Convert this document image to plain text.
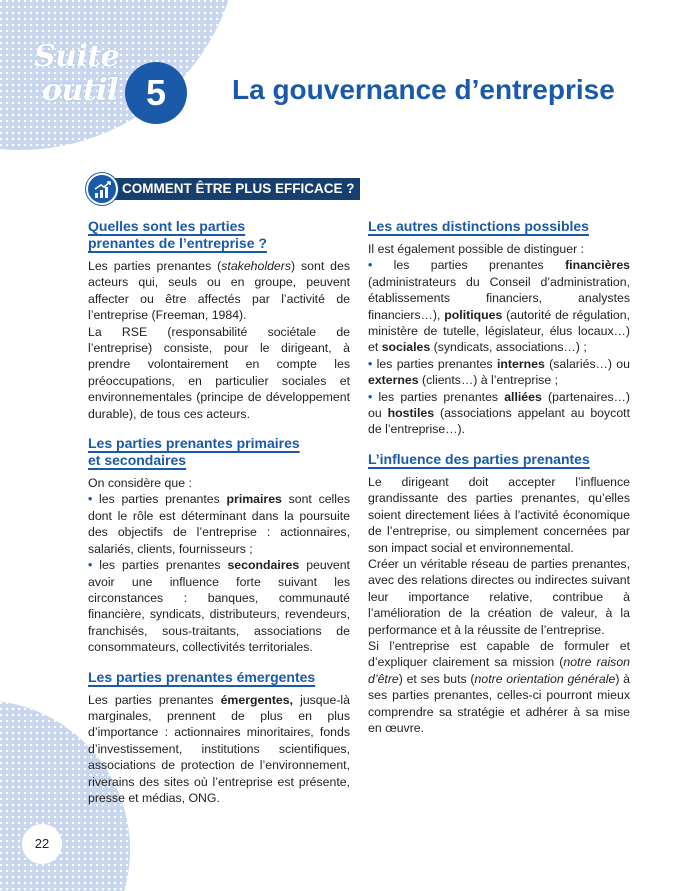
Suite
outil 5	La gouvernance d’entreprise
COMMENT ÊTRE PLUS EFFICACE ?
Quelles sont les parties
prenantes de l’entreprise ?

Les parties prenantes (stakeholders) sont des acteurs qui, seuls ou en groupe, peuvent affecter ou être affectés par l’activité de l’entreprise (Freeman, 1984).

La RSE (responsabilité sociétale de l’entreprise) consiste, pour le dirigeant, à prendre volontairement en compte les préoccupations, en particulier sociales et environnementales (principe de développement durable), de tous ces acteurs.

Les parties prenantes primaires
et secondaires

On considère que :

• les parties prenantes primaires sont celles dont le rôle est déterminant dans la poursuite des objectifs de l’entreprise : actionnaires, salariés, clients, fournisseurs ;

• les parties prenantes secondaires peuvent avoir une influence forte suivant les circonstances : banques, communauté financière, syndicats, distributeurs, revendeurs, franchisés, sous-traitants, associations de consommateurs, collectivités territoriales.

Les parties prenantes émergentes

Les parties prenantes émergentes, jusque-là marginales, prennent de plus en plus d’importance : actionnaires minoritaires, fonds d’investissement, institutions scientifiques, associations de protection de l’environnement, riverains des sites où l’entreprise est présente, presse et médias, ONG.

Les autres distinctions possibles

Il est également possible de distinguer :

• les parties prenantes financières (administrateurs du Conseil d’administration, établissements financiers, analystes financiers…), politiques (autorité de régulation, ministère de tutelle, législateur, élus locaux…) et sociales (syndicats, associations…) ;

• les parties prenantes internes (salariés…) ou externes (clients…) à l’entreprise ;

• les parties prenantes alliées (partenaires…) ou hostiles (associations appelant au boycott de l’entreprise…).

L’influence des parties prenantes

Le dirigeant doit accepter l’influence grandissante des parties prenantes, qu’elles soient directement liées à l’activité économique de l’entreprise, ou simplement concernées par son impact social et environnemental.

Créer un véritable réseau de parties prenantes, avec des relations directes ou indirectes suivant leur importance relative, contribue à l’amélioration de la création de valeur, à la performance et à la réussite de l’entreprise.

Si l’entreprise est capable de formuler et d’expliquer clairement sa mission (notre raison d’être) et ses buts (notre orientation générale) à ses parties prenantes, celles-ci pourront mieux comprendre sa stratégie et adhérer à sa mise en œuvre.

22
